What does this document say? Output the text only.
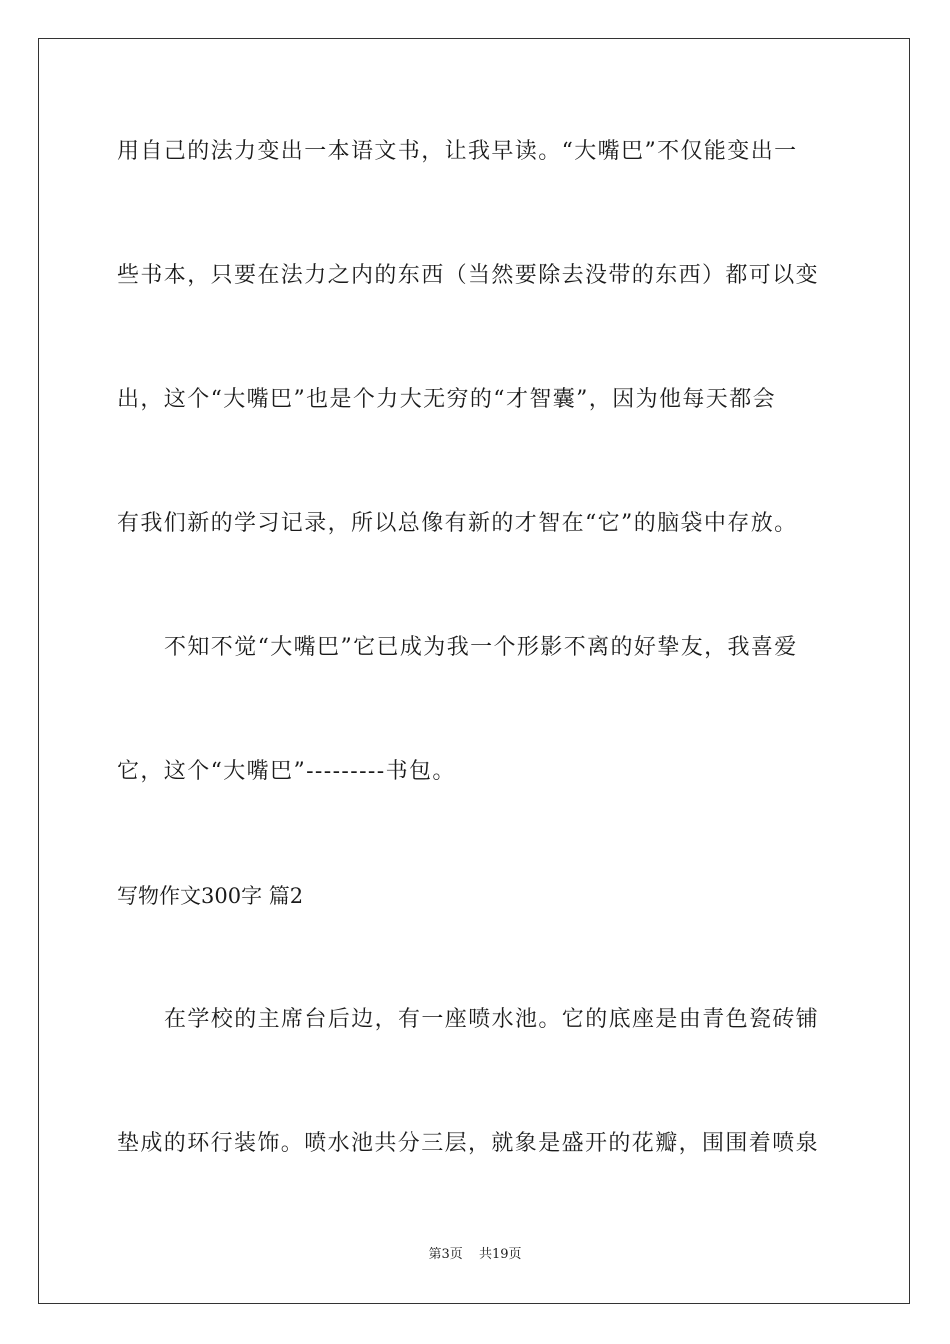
用自己的法力变出一本语文书，让我早读。“大嘴巴”不仅能变出一
些书本，只要在法力之内的东西（当然要除去没带的东西）都可以变
出，这个“大嘴巴”也是个力大无穷的“才智囊”，因为他每天都会
有我们新的学习记录，所以总像有新的才智在“它”的脑袋中存放。
不知不觉“大嘴巴”它已成为我一个形影不离的好挚友，我喜爱
它，这个“大嘴巴”---------书包。
写物作文300字 篇2
在学校的主席台后边，有一座喷水池。它的底座是由青色瓷砖铺
垫成的环行装饰。喷水池共分三层，就象是盛开的花瓣，围围着喷泉
第3页 共19页
